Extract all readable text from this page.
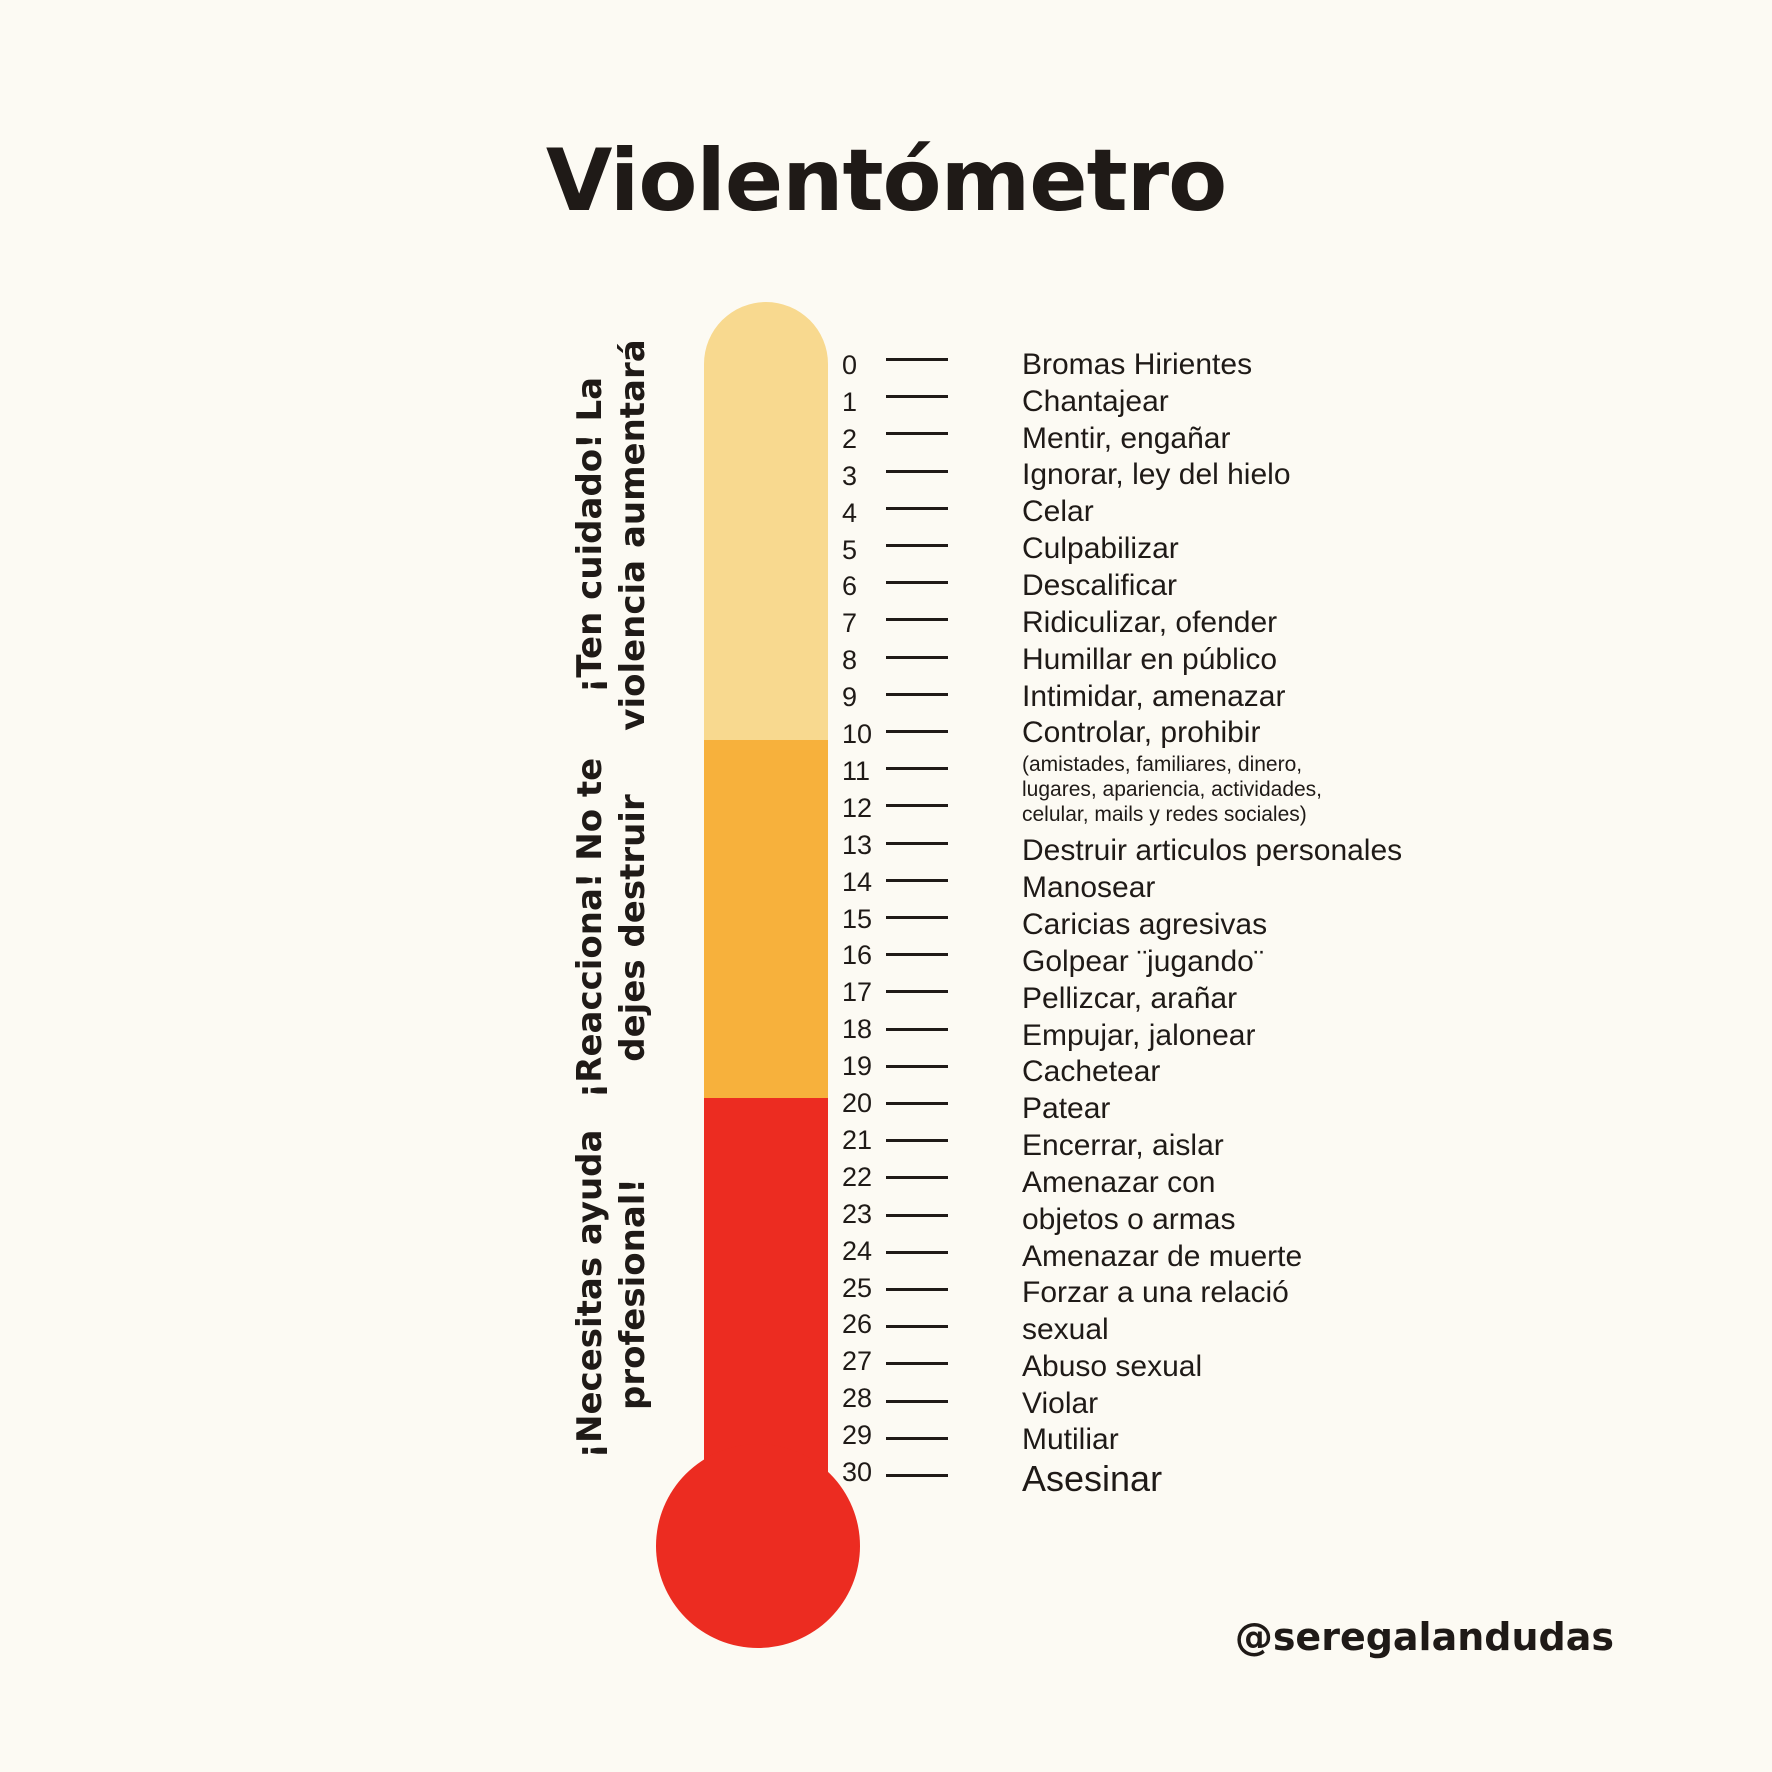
Violentómetro
¡Ten cuidado! La violencia aumentará
¡Reacciona! No te dejes destruir
¡Necesitas ayuda profesional!
0
1
2
3
4
5
6
7
8
9
10
11
12
13
14
15
16
17
18
19
20
21
22
23
24
25
26
27
28
29
30
Bromas Hirientes
Chantajear
Mentir, engañar
Ignorar, ley del hielo
Celar
Culpabilizar
Descalificar
Ridiculizar, ofender
Humillar en público
Intimidar, amenazar
Controlar, prohibir
Destruir articulos personales
Manosear
Caricias agresivas
Golpear ¨jugando¨
Pellizcar, arañar
Empujar, jalonear
Cachetear
Patear
Encerrar, aislar
Amenazar con
objetos o armas
Amenazar de muerte
Forzar a una relació
sexual
Abuso sexual
Violar
Mutiliar
Asesinar
(amistades, familiares, dinero,
lugares, apariencia, actividades,
celular, mails y redes sociales)
@seregalandudas
